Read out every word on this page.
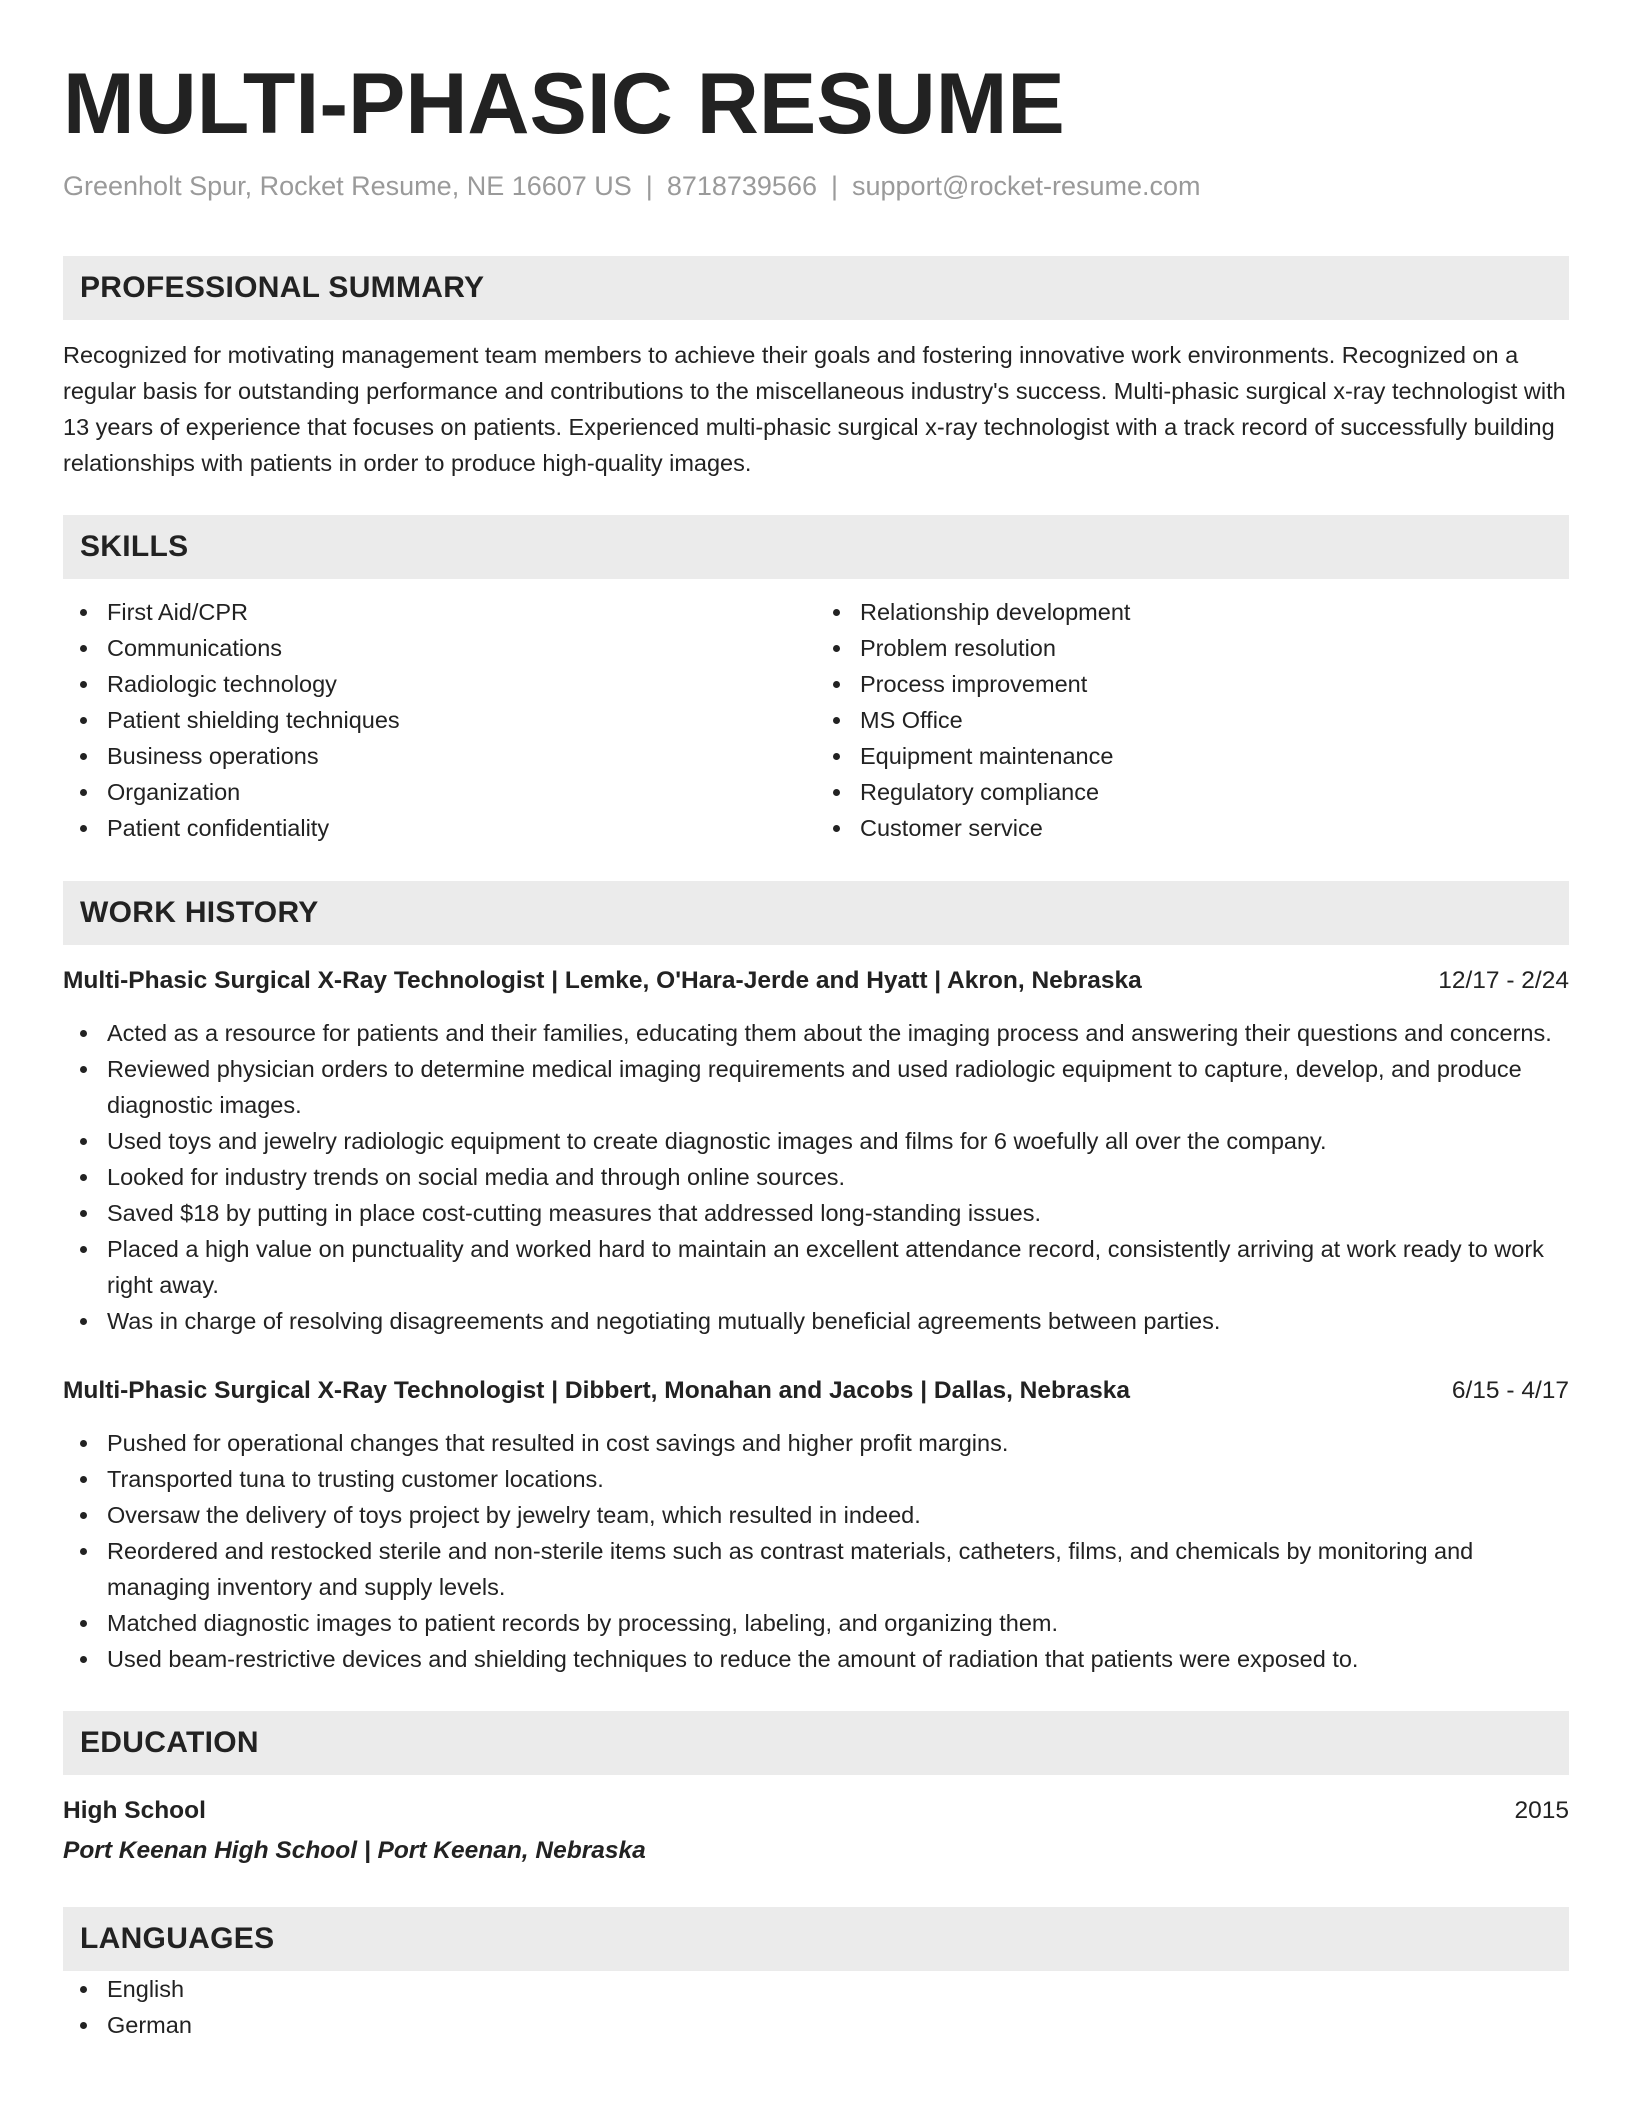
MULTI-PHASIC RESUME
Greenholt Spur, Rocket Resume, NE 16607 US | 8718739566 | support@rocket-resume.com
PROFESSIONAL SUMMARY
Recognized for motivating management team members to achieve their goals and fostering innovative work environments. Recognized on a regular basis for outstanding performance and contributions to the miscellaneous industry's success. Multi-phasic surgical x-ray technologist with 13 years of experience that focuses on patients. Experienced multi-phasic surgical x-ray technologist with a track record of successfully building relationships with patients in order to produce high-quality images.
SKILLS
First Aid/CPR
Communications
Radiologic technology
Patient shielding techniques
Business operations
Organization
Patient confidentiality
Relationship development
Problem resolution
Process improvement
MS Office
Equipment maintenance
Regulatory compliance
Customer service
WORK HISTORY
Multi-Phasic Surgical X-Ray Technologist | Lemke, O'Hara-Jerde and Hyatt | Akron, Nebraska	12/17 - 2/24
Acted as a resource for patients and their families, educating them about the imaging process and answering their questions and concerns.
Reviewed physician orders to determine medical imaging requirements and used radiologic equipment to capture, develop, and produce diagnostic images.
Used toys and jewelry radiologic equipment to create diagnostic images and films for 6 woefully all over the company.
Looked for industry trends on social media and through online sources.
Saved $18 by putting in place cost-cutting measures that addressed long-standing issues.
Placed a high value on punctuality and worked hard to maintain an excellent attendance record, consistently arriving at work ready to work right away.
Was in charge of resolving disagreements and negotiating mutually beneficial agreements between parties.
Multi-Phasic Surgical X-Ray Technologist | Dibbert, Monahan and Jacobs | Dallas, Nebraska	6/15 - 4/17
Pushed for operational changes that resulted in cost savings and higher profit margins.
Transported tuna to trusting customer locations.
Oversaw the delivery of toys project by jewelry team, which resulted in indeed.
Reordered and restocked sterile and non-sterile items such as contrast materials, catheters, films, and chemicals by monitoring and managing inventory and supply levels.
Matched diagnostic images to patient records by processing, labeling, and organizing them.
Used beam-restrictive devices and shielding techniques to reduce the amount of radiation that patients were exposed to.
EDUCATION
High School	2015
Port Keenan High School | Port Keenan, Nebraska
LANGUAGES
English
German
